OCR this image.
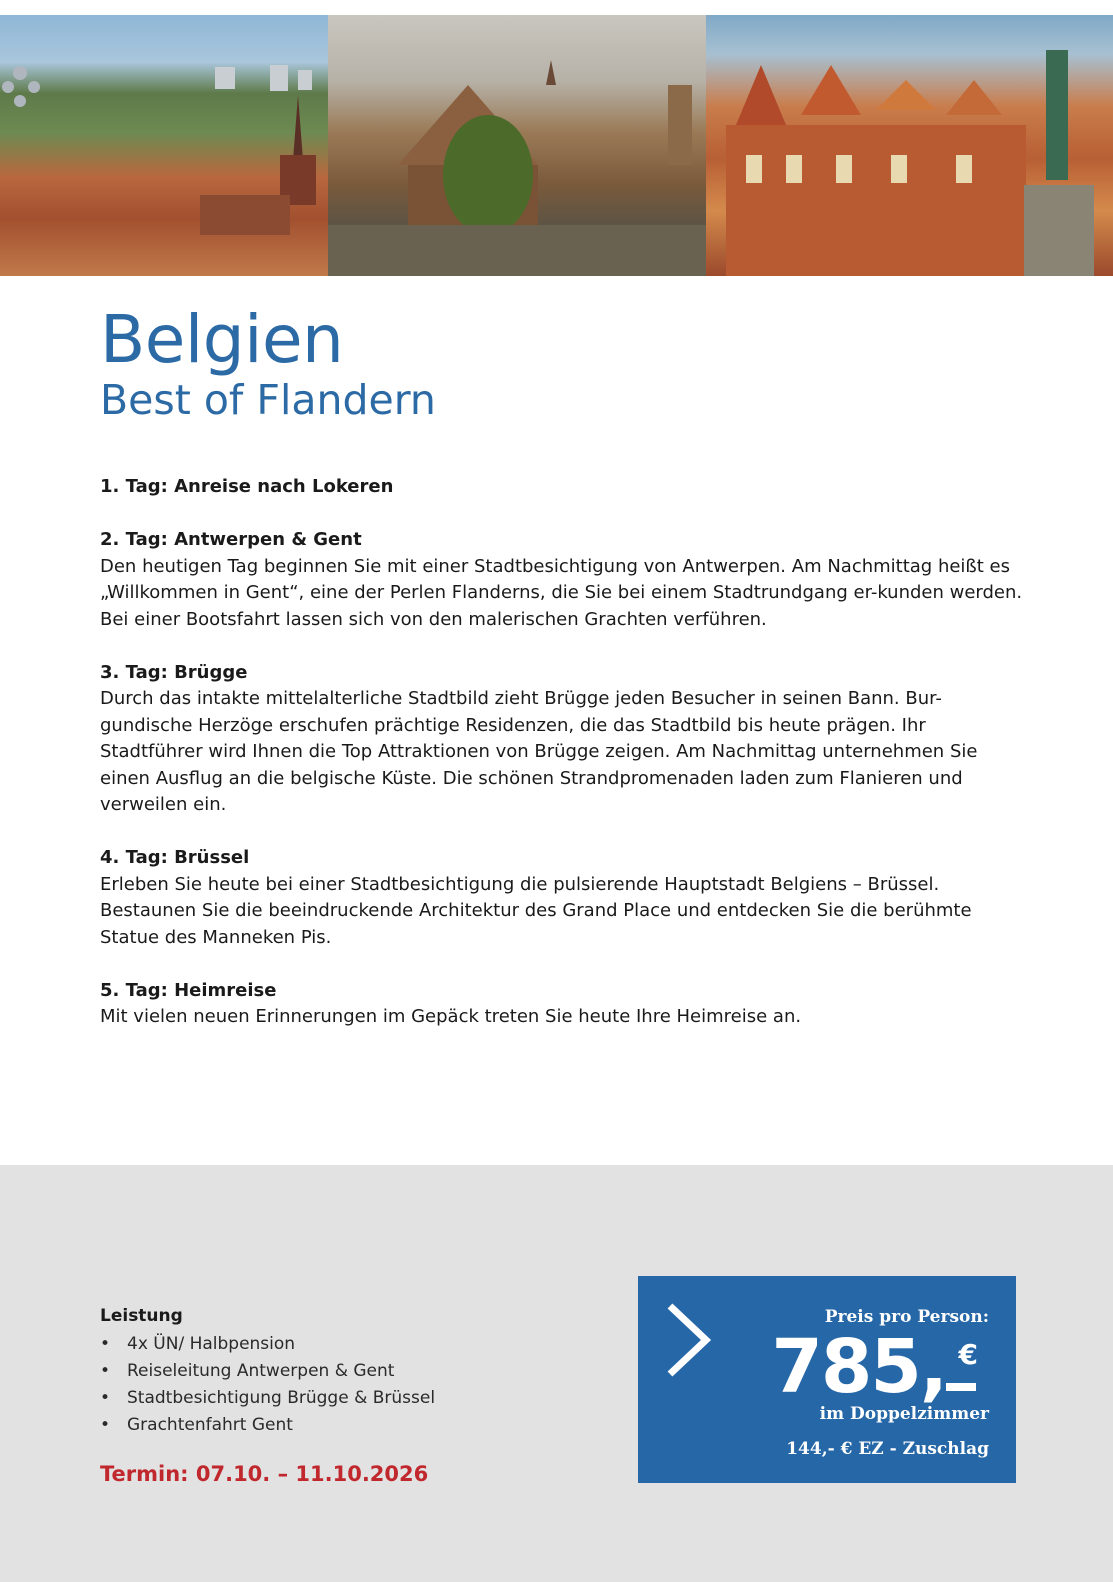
Belgien
Best of Flandern

1. Tag: Anreise nach Lokeren

2. Tag: Antwerpen & Gent

Den heutigen Tag beginnen Sie mit einer Stadtbesichtigung von Antwerpen. Am Nachmittag heißt es „Willkommen in Gent“, eine der Perlen Flanderns, die Sie bei einem Stadtrundgang er-kunden werden. Bei einer Bootsfahrt lassen sich von den malerischen Grachten verführen.

3. Tag: Brügge

Durch das intakte mittelalterliche Stadtbild zieht Brügge jeden Besucher in seinen Bann. Bur-gundische Herzöge erschufen prächtige Residenzen, die das Stadtbild bis heute prägen. Ihr Stadtführer wird Ihnen die Top Attraktionen von Brügge zeigen. Am Nachmittag unternehmen Sie einen Ausflug an die belgische Küste. Die schönen Strandpromenaden laden zum Flanieren und verweilen ein.

4. Tag: Brüssel

Erleben Sie heute bei einer Stadtbesichtigung die pulsierende Hauptstadt Belgiens – Brüssel. Bestaunen Sie die beeindruckende Architektur des Grand Place und entdecken Sie die berühmte Statue des Manneken Pis.

5. Tag: Heimreise

Mit vielen neuen Erinnerungen im Gepäck treten Sie heute Ihre Heimreise an.

Leistung

• 4x ÜN/ Halbpension
• Reiseleitung Antwerpen & Gent
• Stadtbesichtigung Brügge & Brüssel
• Grachtenfahrt Gent

Termin: 07.10. – 11.10.2026

Preis pro Person:
785, €
im Doppelzimmer
144,- € EZ - Zuschlag
